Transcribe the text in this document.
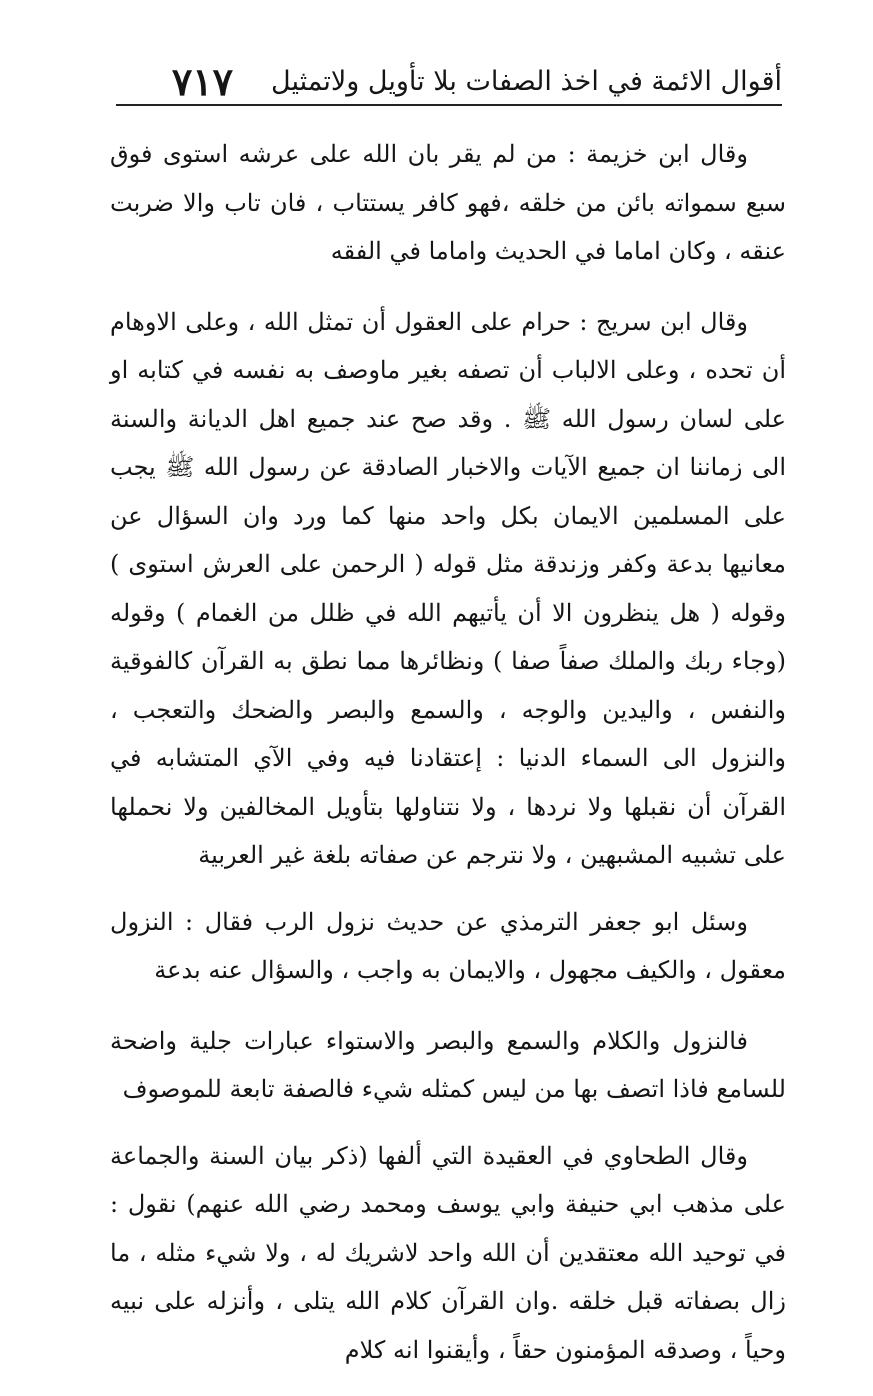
أقوال الائمة في اخذ الصفات بلا تأويل ولاتمثيل
٧١٧

وقال ابن خزيمة : من لم يقر بان الله على عرشه استوى فوق سبع سمواته بائن من خلقه ،فهو كافر يستتاب ، فان تاب والا ضربت عنقه ، وكان اماما في الحديث واماما في الفقه

وقال ابن سريج : حرام على العقول أن تمثل الله ، وعلى الاوهام أن تحده ، وعلى الالباب أن تصفه بغير ماوصف به نفسه في كتابه او على لسان رسول الله ﷺ . وقد صح عند جميع اهل الديانة والسنة الى زماننا ان جميع الآيات والاخبار الصادقة عن رسول الله ﷺ يجب على المسلمين الايمان بكل واحد منها كما ورد وان السؤال عن معانيها بدعة وكفر وزندقة مثل قوله ( الرحمن على العرش استوى ) وقوله ( هل ينظرون الا أن يأتيهم الله في ظلل من الغمام ) وقوله (وجاء ربك والملك صفاً صفا ) ونظائرها مما نطق به القرآن كالفوقية والنفس ، واليدين والوجه ، والسمع والبصر والضحك والتعجب ، والنزول الى السماء الدنيا : إعتقادنا فيه وفي الآي المتشابه في القرآن أن نقبلها ولا نردها ، ولا نتناولها بتأويل المخالفين ولا نحملها على تشبيه المشبهين ، ولا نترجم عن صفاته بلغة غير العربية

وسئل ابو جعفر الترمذي عن حديث نزول الرب فقال : النزول معقول ، والكيف مجهول ، والايمان به واجب ، والسؤال عنه بدعة

فالنزول والكلام والسمع والبصر والاستواء عبارات جلية واضحة للسامع فاذا اتصف بها من ليس كمثله شيء فالصفة تابعة للموصوف

وقال الطحاوي في العقيدة التي ألفها (ذكر بيان السنة والجماعة على مذهب ابي حنيفة وابي يوسف ومحمد رضي الله عنهم) نقول : في توحيد الله معتقدين أن الله واحد لاشريك له ، ولا شيء مثله ، ما زال بصفاته قبل خلقه .وان القرآن كلام الله يتلى ، وأنزله على نبيه وحياً ، وصدقه المؤمنون حقاً ، وأيقنوا انه كلام
